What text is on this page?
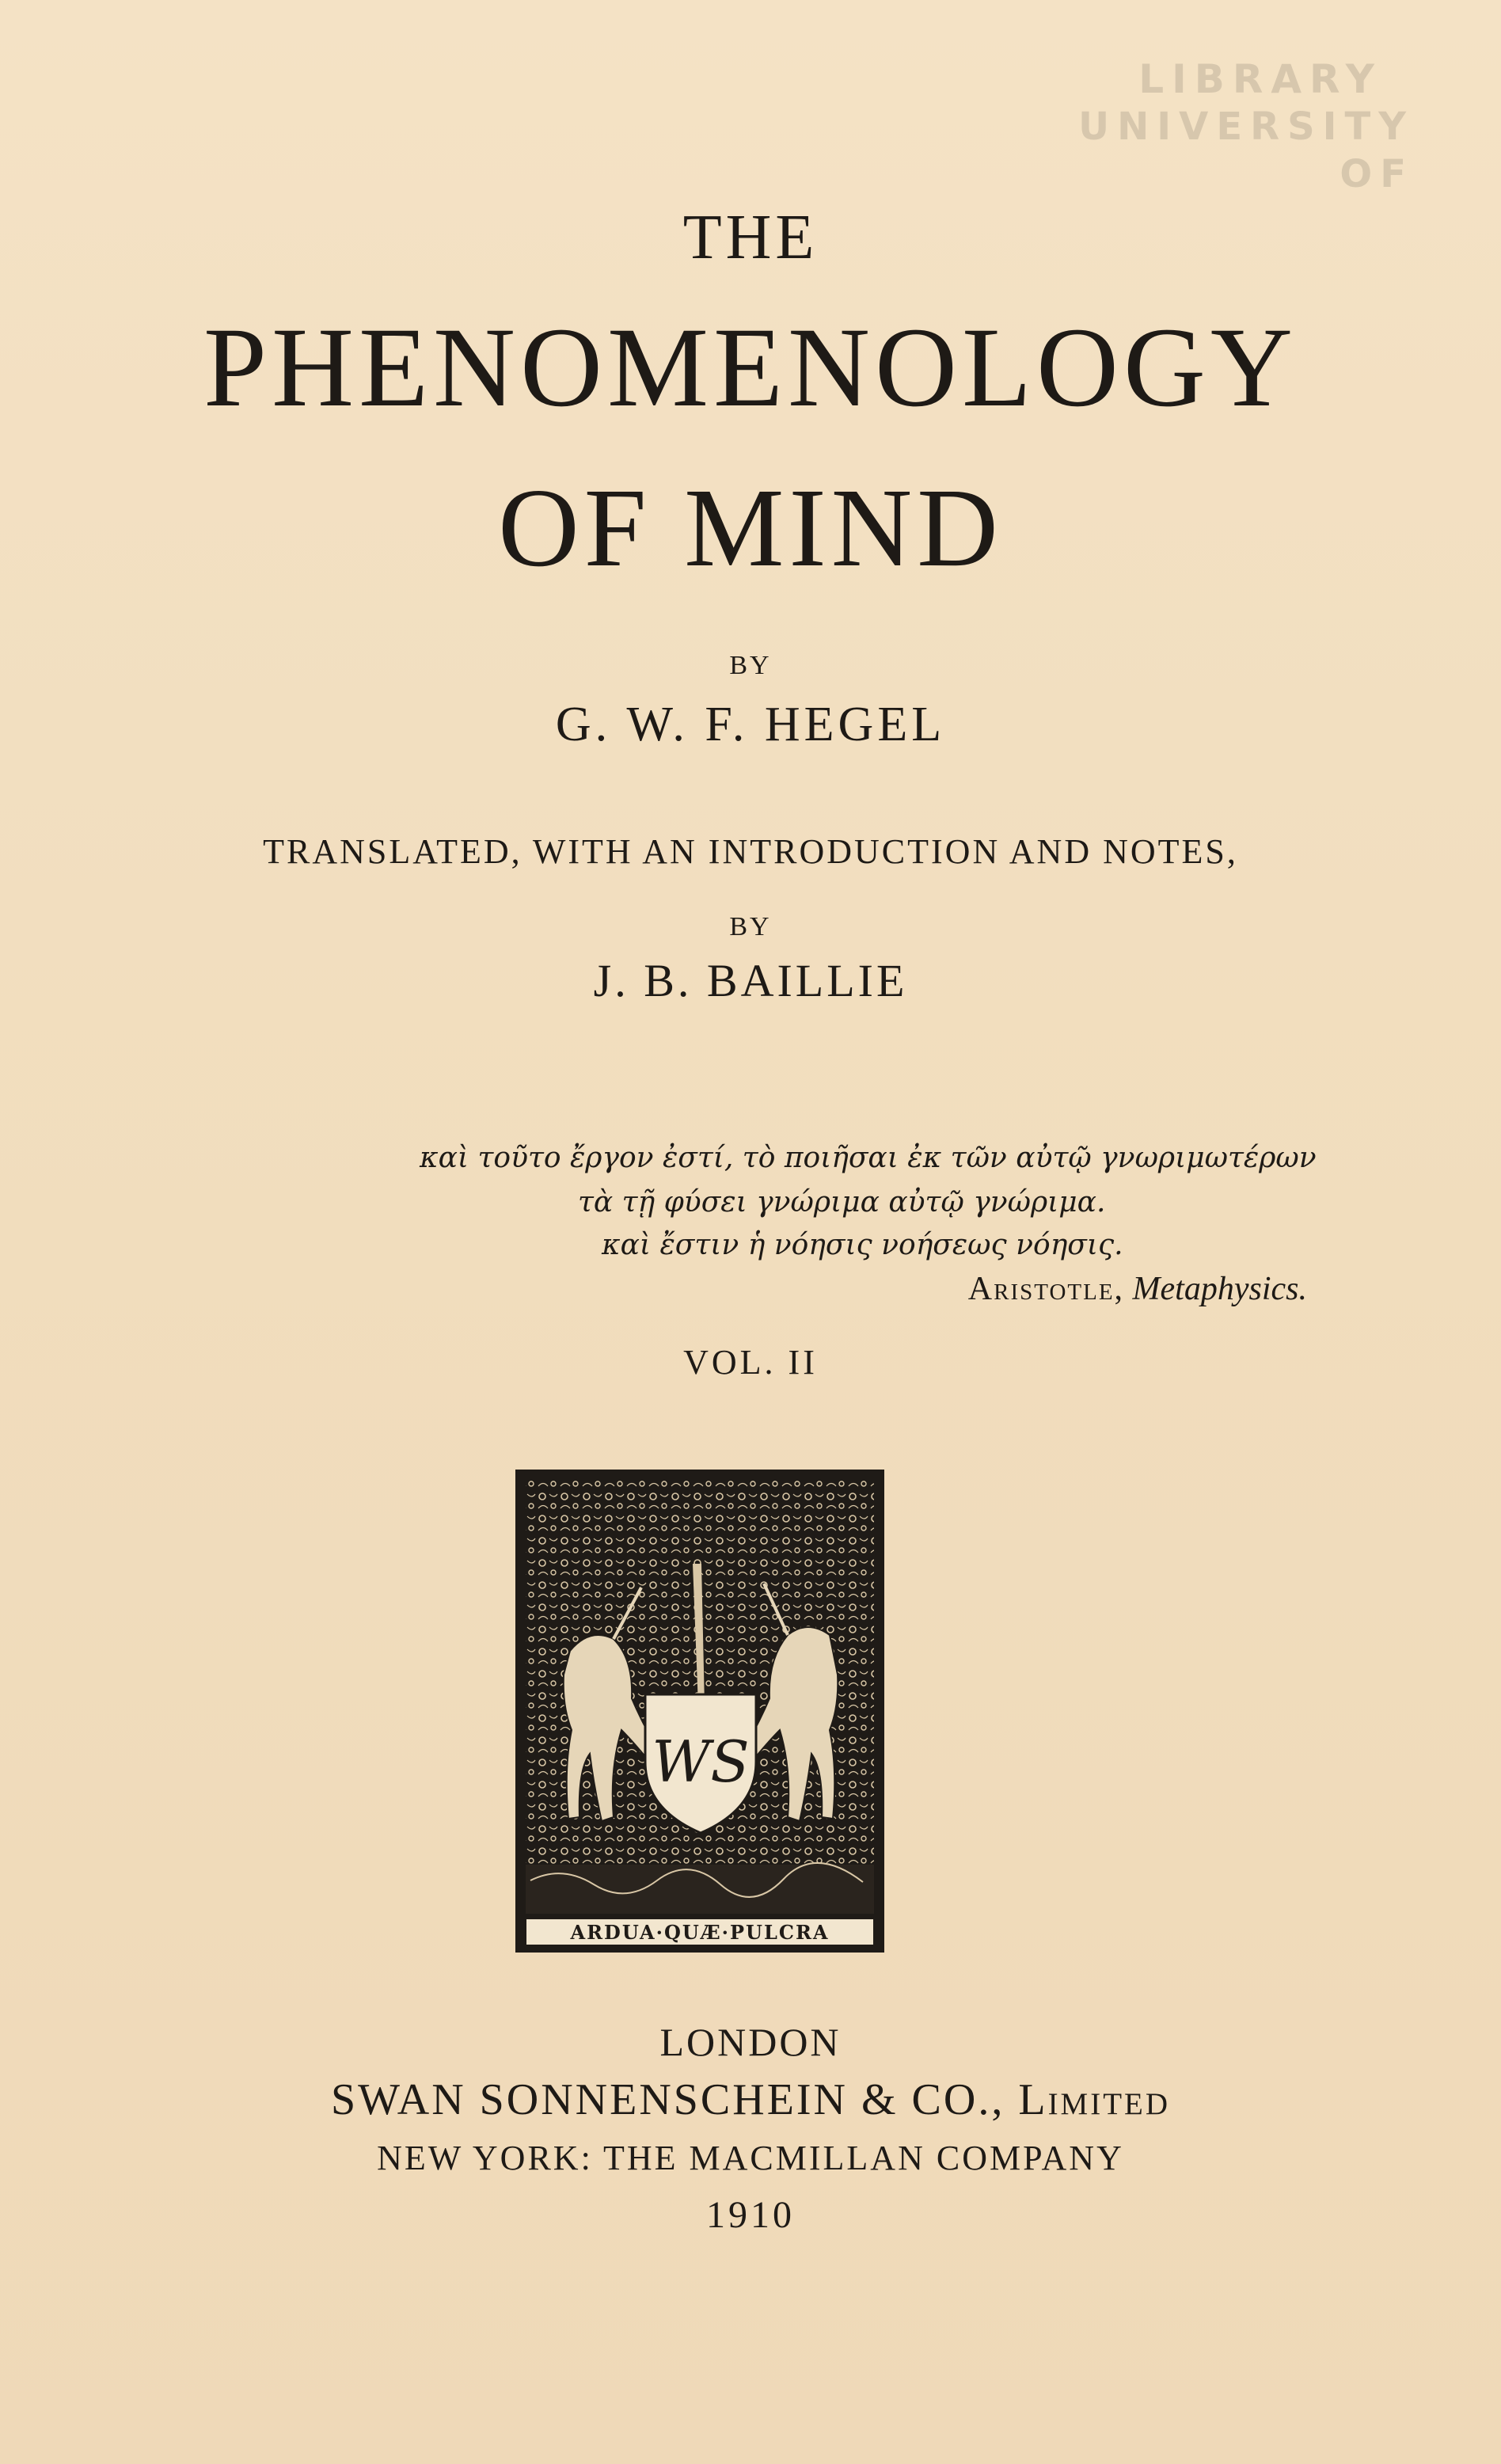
LIBRARY
UNIVERSITY OF
THE
PHENOMENOLOGY
OF MIND
BY
G. W. F. HEGEL
TRANSLATED, WITH AN INTRODUCTION AND NOTES,
BY
J. B. BAILLIE
καὶ τοῦτο ἔργον ἐστί, τὸ ποιῆσαι ἐκ τῶν αὐτῷ γνωριμωτέρων
τὰ τῇ φύσει γνώριμα αὐτῷ γνώριμα.
καὶ ἔστιν ἡ νόησις νοήσεως νόησις.
Aristotle, Metaphysics.
VOL. II
WS
ARDUA·QUÆ·PULCRA
LONDON
SWAN SONNENSCHEIN & CO., Limited
NEW YORK: THE MACMILLAN COMPANY
1910
